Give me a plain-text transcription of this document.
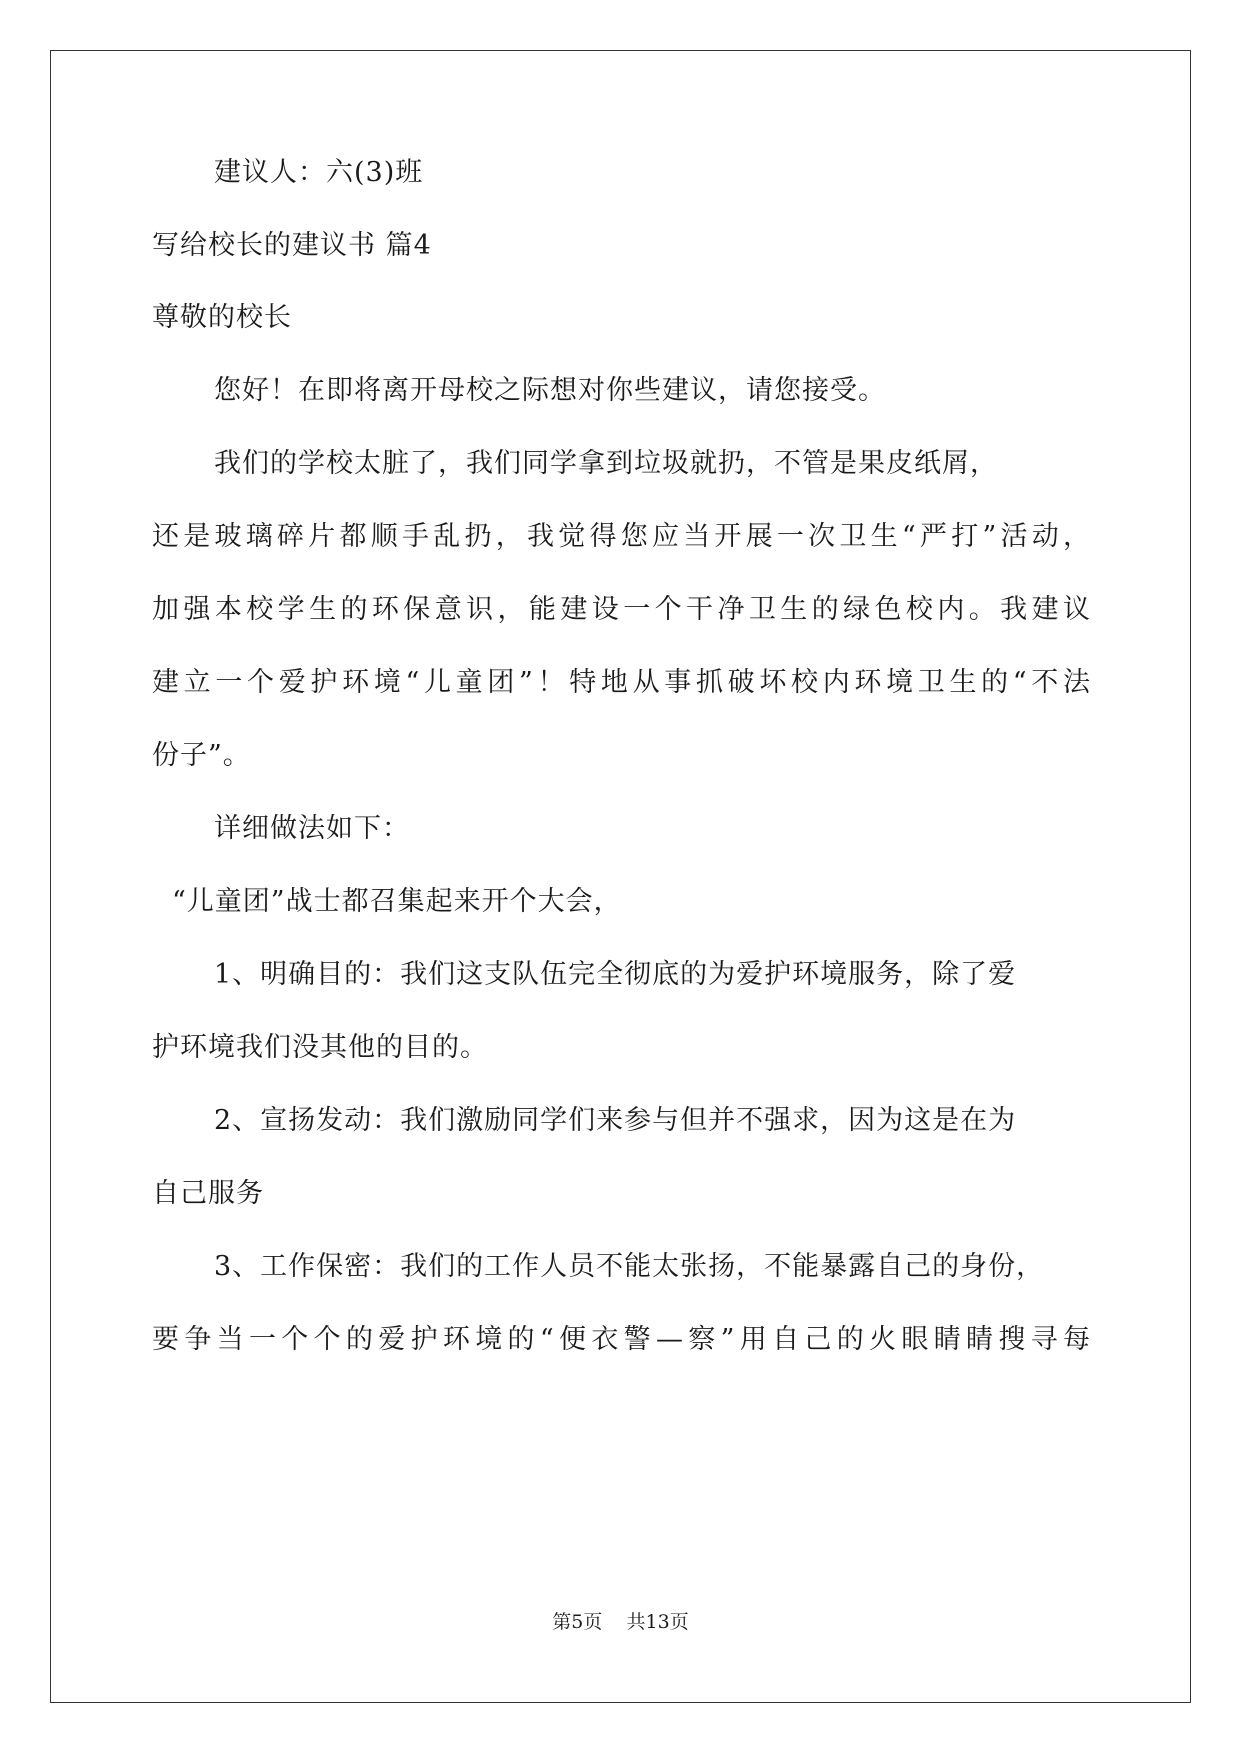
建议人：六(3)班
写给校长的建议书 篇4
尊敬的校长
您好！在即将离开母校之际想对你些建议，请您接受。
我们的学校太脏了，我们同学拿到垃圾就扔，不管是果皮纸屑，
还是玻璃碎片都顺手乱扔，我觉得您应当开展一次卫生“严打”活动，
加强本校学生的环保意识，能建设一个干净卫生的绿色校内。我建议
建立一个爱护环境“儿童团”！特地从事抓破坏校内环境卫生的“不法
份子”。
详细做法如下：
“儿童团”战士都召集起来开个大会，
1、明确目的：我们这支队伍完全彻底的为爱护环境服务，除了爱
护环境我们没其他的目的。
2、宣扬发动：我们激励同学们来参与但并不强求，因为这是在为
自己服务
3、工作保密：我们的工作人员不能太张扬，不能暴露自己的身份，
要争当一个个的爱护环境的“便衣警—察”用自己的火眼睛睛搜寻每
第5页 共13页
